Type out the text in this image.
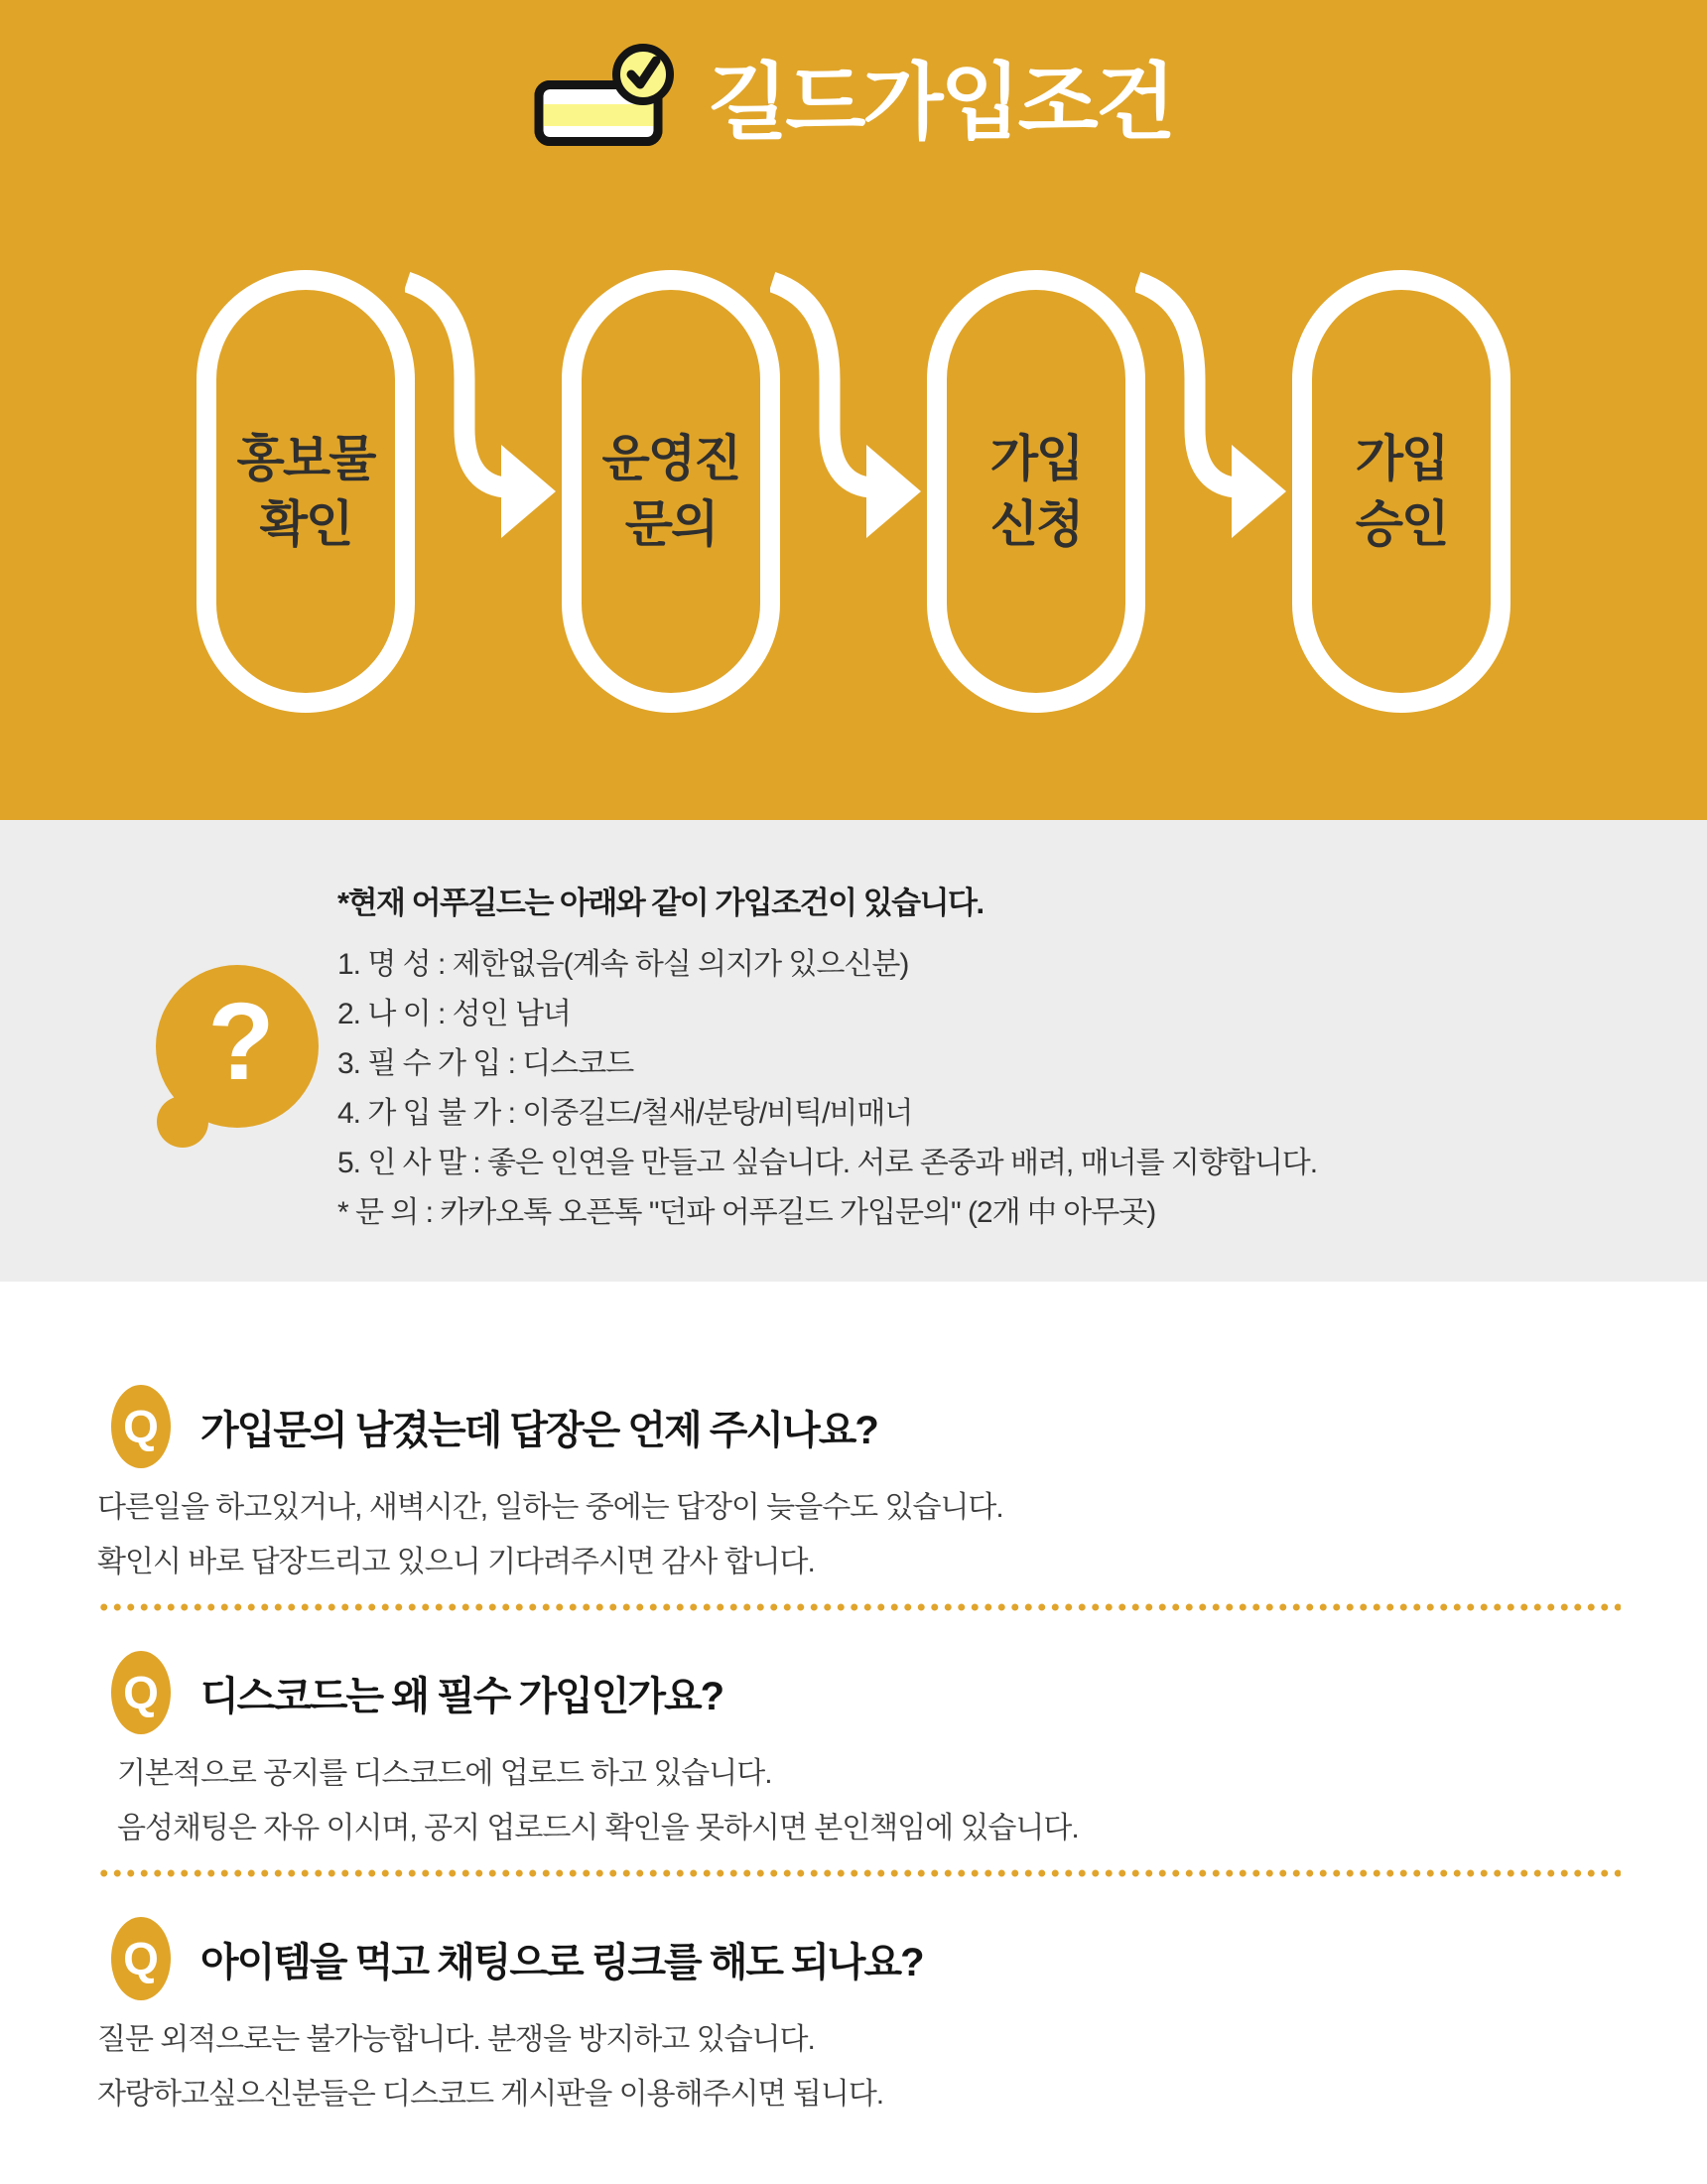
길드가입조건
홍보물
확인
운영진
문의
가입
신청
가입
승인
?

*현재 어푸길드는 아래와 같이 가입조건이 있습니다.

1. 명 성 : 제한없음(계속 하실 의지가 있으신분)

2. 나 이 : 성인 남녀

3. 필 수 가 입 : 디스코드

4. 가 입 불 가 : 이중길드/철새/분탕/비틱/비매너

5. 인 사 말 : 좋은 인연을 만들고 싶습니다. 서로 존중과 배려, 매너를 지향합니다.

* 문 의 : 카카오톡 오픈톡 "던파 어푸길드 가입문의" (2개 中 아무곳)

Q	가입문의 남겼는데 답장은 언제 주시나요?

다른일을 하고있거나, 새벽시간, 일하는 중에는 답장이 늦을수도 있습니다.

확인시 바로 답장드리고 있으니 기다려주시면 감사 합니다.

Q	디스코드는 왜 필수 가입인가요?

기본적으로 공지를 디스코드에 업로드 하고 있습니다.

음성채팅은 자유 이시며, 공지 업로드시 확인을 못하시면 본인책임에 있습니다.

Q	아이템을 먹고 채팅으로 링크를 해도 되나요?

질문 외적으로는 불가능합니다. 분쟁을 방지하고 있습니다.

자랑하고싶으신분들은 디스코드 게시판을 이용해주시면 됩니다.
